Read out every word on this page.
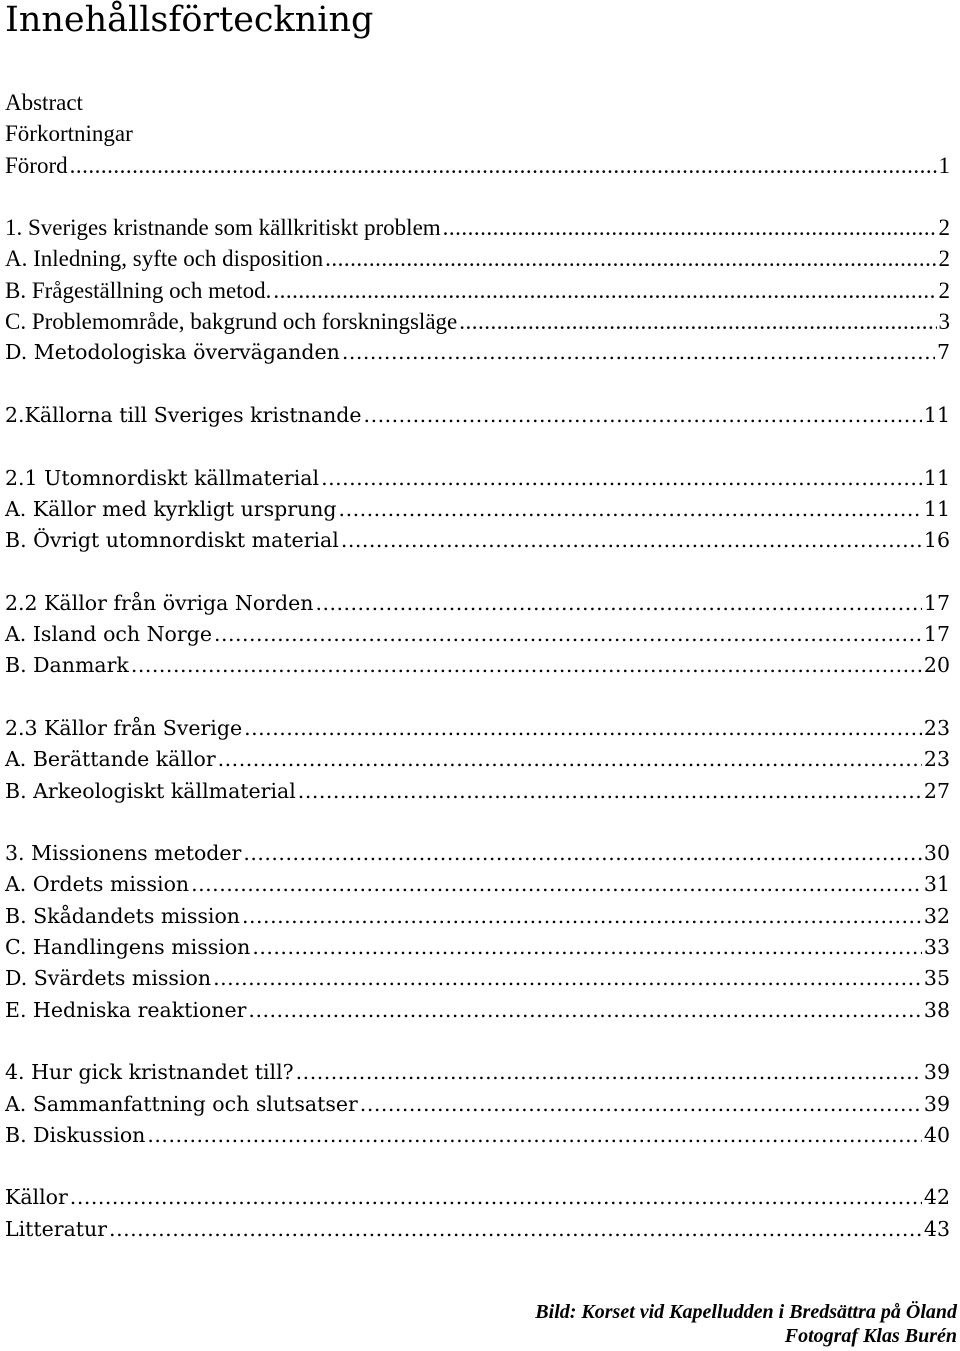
Innehållsförteckning
Abstract
Förkortningar
Förord .....	1
1. Sveriges kristnande som källkritiskt problem .....	2
A. Inledning, syfte och disposition .....	2
B. Frågeställning och metod. .....	2
C. Problemområde, bakgrund och forskningsläge .....	3
D. Metodologiska överväganden .....	7
2.Källorna till Sveriges kristnande .....	11
2.1 Utomnordiskt källmaterial .....	11
A. Källor med kyrkligt ursprung .....	11
B. Övrigt utomnordiskt material .....	16
2.2 Källor från övriga Norden .....	17
A. Island och Norge .....	17
B. Danmark .....	20
2.3 Källor från Sverige .....	23
A. Berättande källor .....	23
B. Arkeologiskt källmaterial .....	27
3. Missionens metoder .....	30
A. Ordets mission .....	31
B. Skådandets mission .....	32
C. Handlingens mission .....	33
D. Svärdets mission .....	35
E. Hedniska reaktioner .....	38
4. Hur gick kristnandet till? .....	39
A. Sammanfattning och slutsatser .....	39
B. Diskussion .....	40
Källor .....	42
Litteratur .....	43
Bild: Korset vid Kapelludden i Bredsättra på Öland
Fotograf Klas Burén
